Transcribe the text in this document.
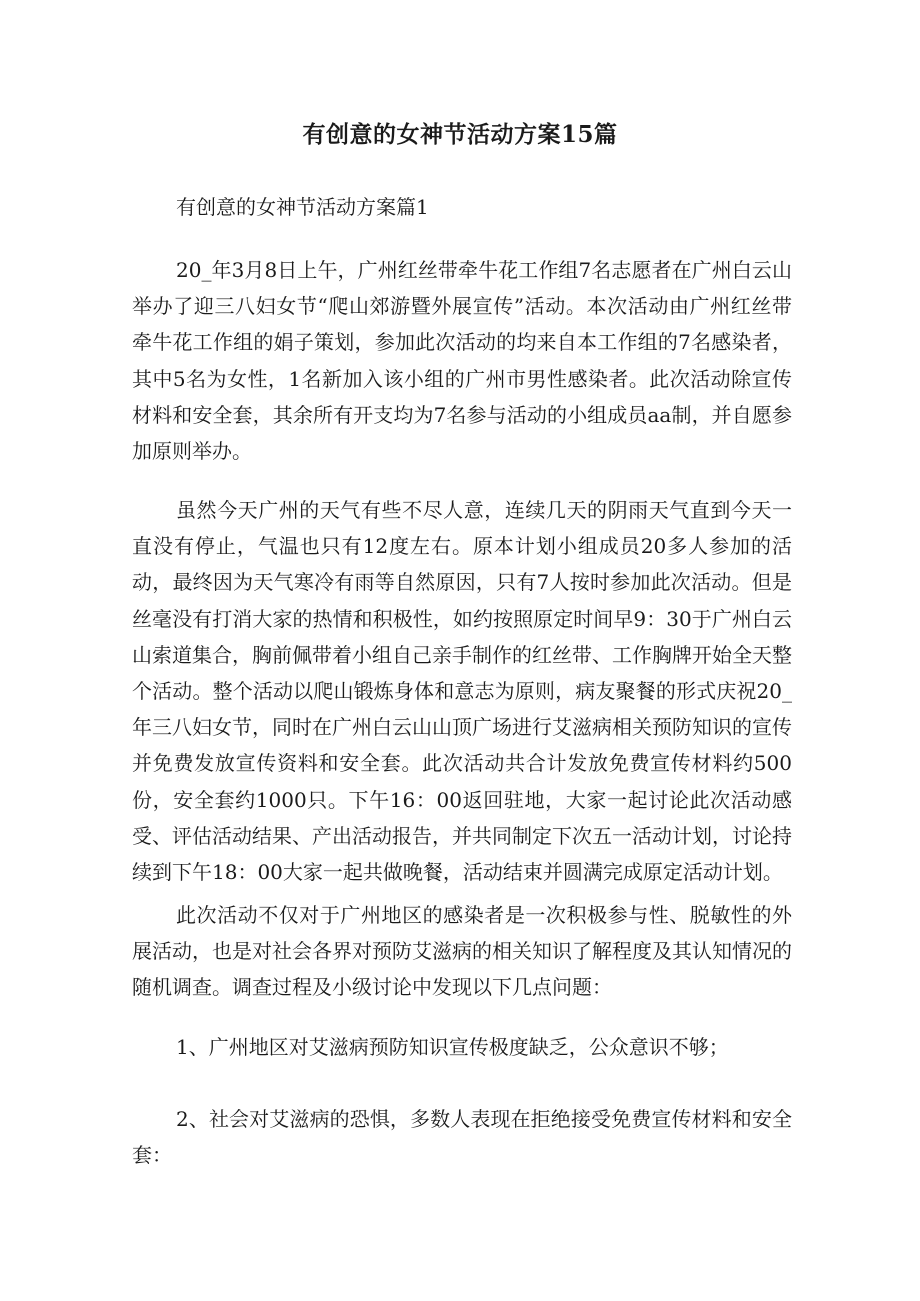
有创意的女神节活动方案15篇

有创意的女神节活动方案篇1

20_年3月8日上午，广州红丝带牵牛花工作组7名志愿者在广州白云山举办了迎三八妇女节“爬山郊游暨外展宣传”活动。本次活动由广州红丝带牵牛花工作组的娟子策划，参加此次活动的均来自本工作组的7名感染者，其中5名为女性，1名新加入该小组的广州市男性感染者。此次活动除宣传材料和安全套，其余所有开支均为7名参与活动的小组成员aa制，并自愿参加原则举办。

虽然今天广州的天气有些不尽人意，连续几天的阴雨天气直到今天一直没有停止，气温也只有12度左右。原本计划小组成员20多人参加的活动，最终因为天气寒冷有雨等自然原因，只有7人按时参加此次活动。但是丝毫没有打消大家的热情和积极性，如约按照原定时间早9：30于广州白云山索道集合，胸前佩带着小组自己亲手制作的红丝带、工作胸牌开始全天整个活动。整个活动以爬山锻炼身体和意志为原则，病友聚餐的形式庆祝20_年三八妇女节，同时在广州白云山山顶广场进行艾滋病相关预防知识的宣传并免费发放宣传资料和安全套。此次活动共合计发放免费宣传材料约500份，安全套约1000只。下午16：00返回驻地，大家一起讨论此次活动感受、评估活动结果、产出活动报告，并共同制定下次五一活动计划，讨论持续到下午18：00大家一起共做晚餐，活动结束并圆满完成原定活动计划。

此次活动不仅对于广州地区的感染者是一次积极参与性、脱敏性的外展活动，也是对社会各界对预防艾滋病的相关知识了解程度及其认知情况的随机调查。调查过程及小级讨论中发现以下几点问题：

1、广州地区对艾滋病预防知识宣传极度缺乏，公众意识不够；

2、社会对艾滋病的恐惧，多数人表现在拒绝接受免费宣传材料和安全套：
